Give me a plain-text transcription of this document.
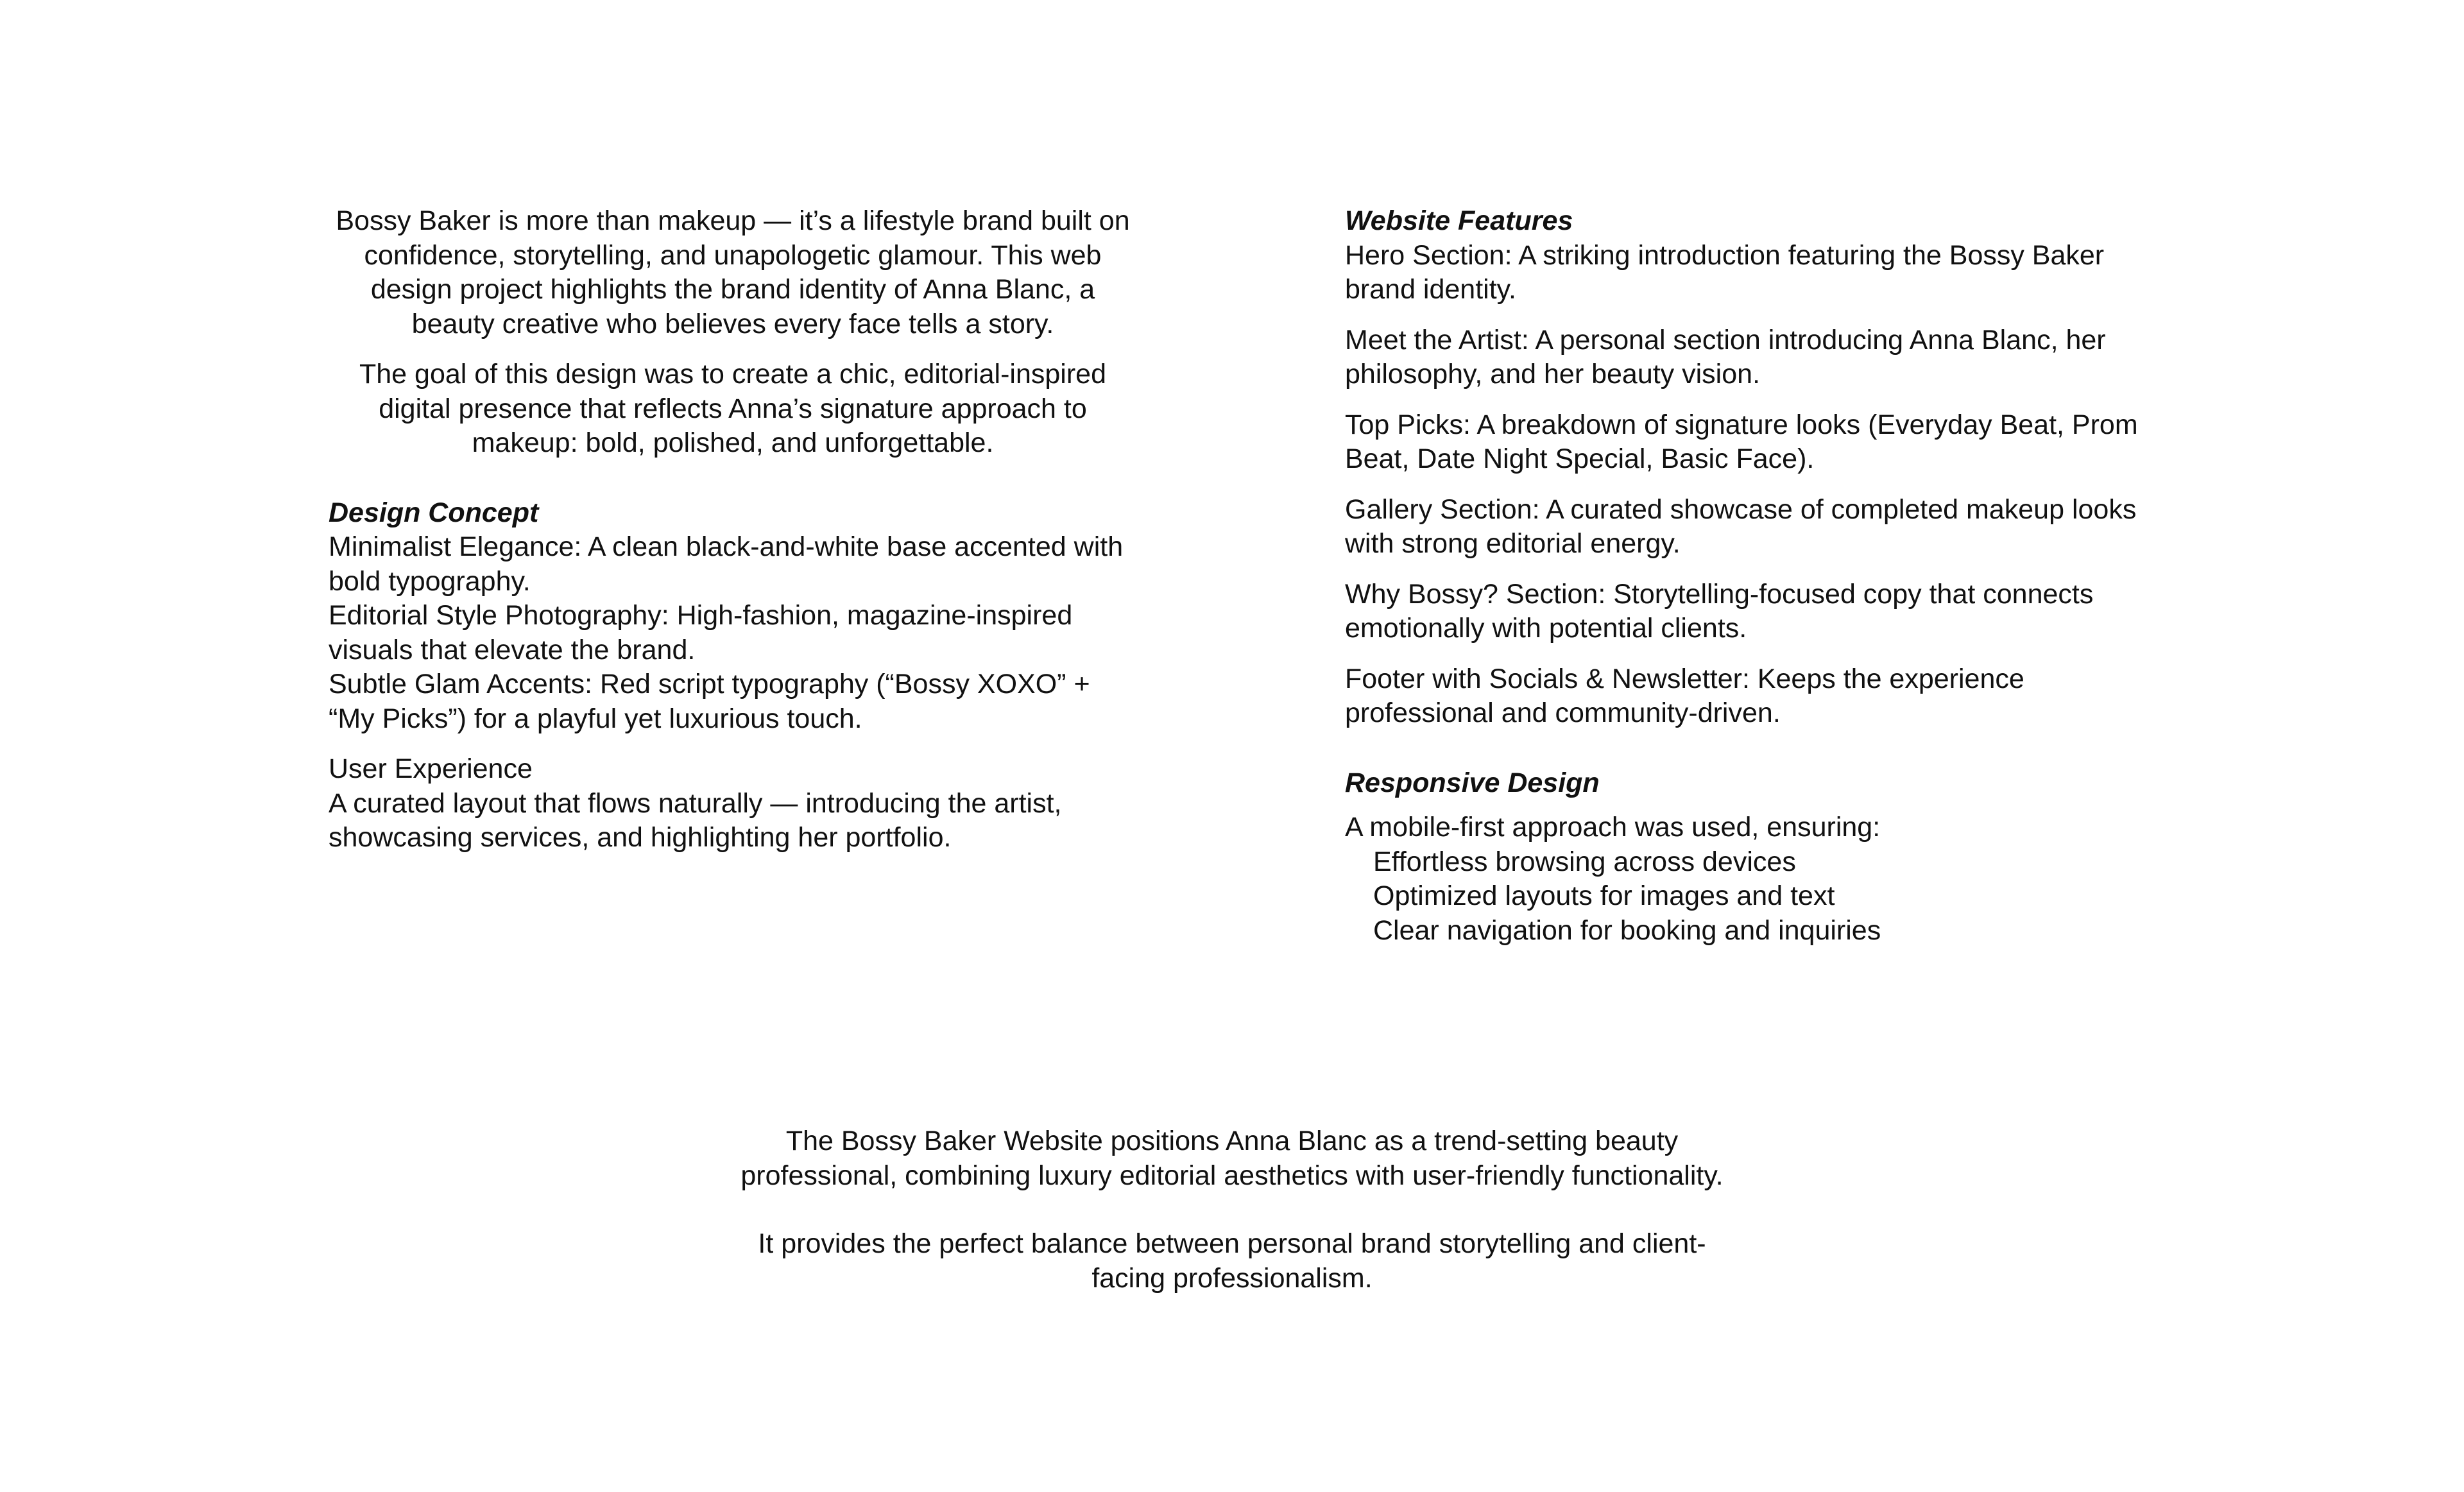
Bossy Baker is more than makeup — it’s a lifestyle brand built on confidence, storytelling, and unapologetic glamour. This web design project highlights the brand identity of Anna Blanc, a beauty creative who believes every face tells a story.

The goal of this design was to create a chic, editorial-inspired digital presence that reflects Anna’s signature approach to makeup: bold, polished, and unforgettable.

Design Concept

Minimalist Elegance: A clean black-and-white base accented with bold typography.

Editorial Style Photography: High-fashion, magazine-inspired visuals that elevate the brand.

Subtle Glam Accents: Red script typography (“Bossy XOXO” + “My Picks”) for a playful yet luxurious touch.

User Experience

A curated layout that flows naturally — introducing the artist, showcasing services, and highlighting her portfolio.

Website Features

Hero Section: A striking introduction featuring the Bossy Baker brand identity.

Meet the Artist: A personal section introducing Anna Blanc, her philosophy, and her beauty vision.

Top Picks: A breakdown of signature looks (Everyday Beat, Prom Beat, Date Night Special, Basic Face).

Gallery Section: A curated showcase of completed makeup looks with strong editorial energy.

Why Bossy? Section: Storytelling-focused copy that connects emotionally with potential clients.

Footer with Socials & Newsletter: Keeps the experience professional and community-driven.

Responsive Design

A mobile-first approach was used, ensuring:

Effortless browsing across devices
Optimized layouts for images and text
Clear navigation for booking and inquiries

The Bossy Baker Website positions Anna Blanc as a trend-setting beauty professional, combining luxury editorial aesthetics with user-friendly functionality.

It provides the perfect balance between personal brand storytelling and client-facing professionalism.
